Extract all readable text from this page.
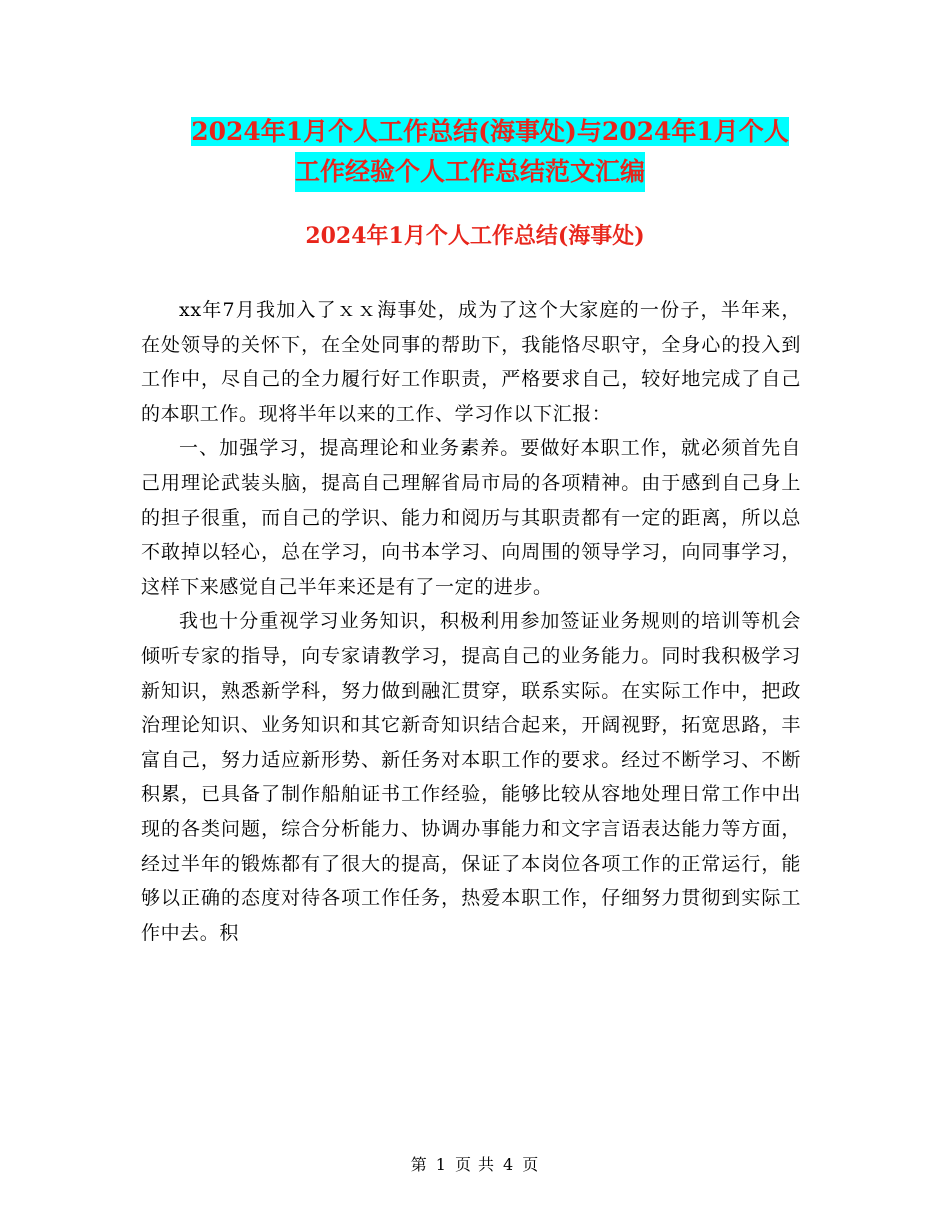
2024年1月个人工作总结(海事处)与2024年1月个人
工作经验个人工作总结范文汇编
2024年1月个人工作总结(海事处)

xx年7月我加入了ｘｘ海事处，成为了这个大家庭的一份子，半年来，在处领导的关怀下，在全处同事的帮助下，我能恪尽职守，全身心的投入到工作中，尽自己的全力履行好工作职责，严格要求自己，较好地完成了自己的本职工作。现将半年以来的工作、学习作以下汇报：

一、加强学习，提高理论和业务素养。要做好本职工作，就必须首先自己用理论武装头脑，提高自己理解省局市局的各项精神。由于感到自己身上的担子很重，而自己的学识、能力和阅历与其职责都有一定的距离，所以总不敢掉以轻心，总在学习，向书本学习、向周围的领导学习，向同事学习，这样下来感觉自己半年来还是有了一定的进步。

我也十分重视学习业务知识，积极利用参加签证业务规则的培训等机会倾听专家的指导，向专家请教学习，提高自己的业务能力。同时我积极学习新知识，熟悉新学科，努力做到融汇贯穿，联系实际。在实际工作中，把政治理论知识、业务知识和其它新奇知识结合起来，开阔视野，拓宽思路，丰富自己，努力适应新形势、新任务对本职工作的要求。经过不断学习、不断积累，已具备了制作船舶证书工作经验，能够比较从容地处理日常工作中出现的各类问题，综合分析能力、协调办事能力和文字言语表达能力等方面，经过半年的锻炼都有了很大的提高，保证了本岗位各项工作的正常运行，能够以正确的态度对待各项工作任务，热爱本职工作，仔细努力贯彻到实际工作中去。积

第 1 页 共 4 页
